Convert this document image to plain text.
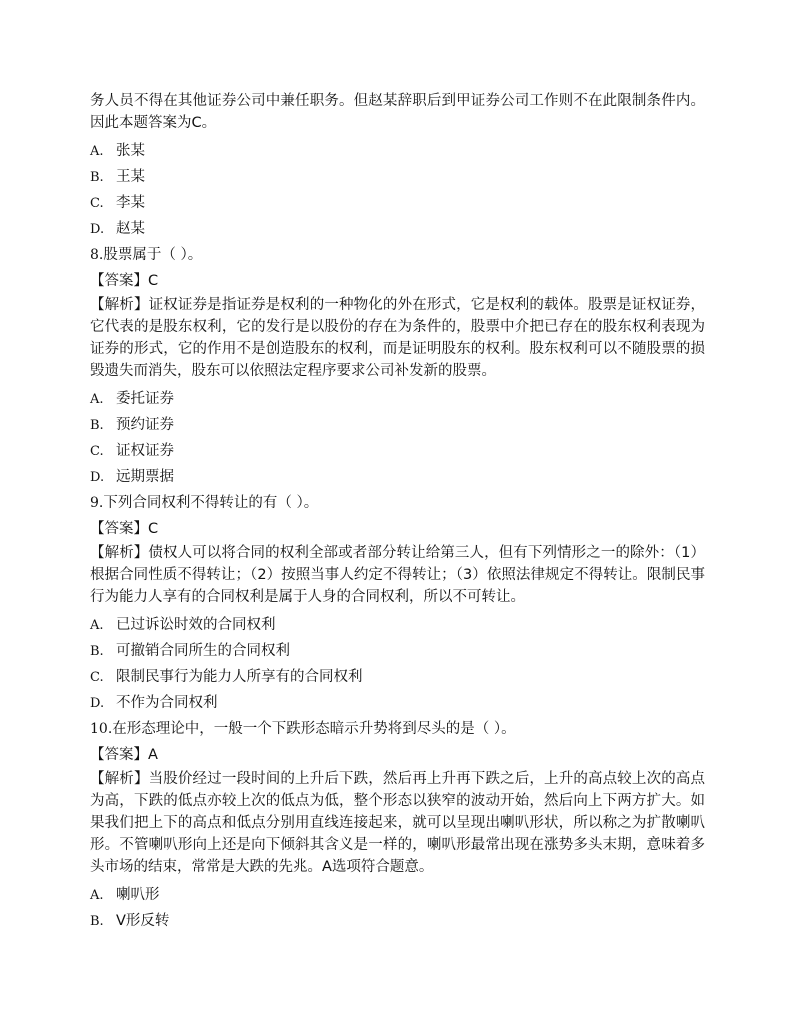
务人员不得在其他证券公司中兼任职务。但赵某辞职后到甲证券公司工作则不在此限制条件内。因此本题答案为C。

A. 张某
B. 王某
C. 李某
D. 赵某
8.股票属于（ ）。
【答案】C

【解析】证权证券是指证券是权利的一种物化的外在形式，它是权利的载体。股票是证权证券，它代表的是股东权利，它的发行是以股份的存在为条件的，股票中介把已存在的股东权利表现为证券的形式，它的作用不是创造股东的权利，而是证明股东的权利。股东权利可以不随股票的损毁遗失而消失，股东可以依照法定程序要求公司补发新的股票。

A. 委托证券
B. 预约证券
C. 证权证券
D. 远期票据
9.下列合同权利不得转让的有（ ）。
【答案】C

【解析】债权人可以将合同的权利全部或者部分转让给第三人，但有下列情形之一的除外：（1）根据合同性质不得转让；（2）按照当事人约定不得转让；（3）依照法律规定不得转让。限制民事行为能力人享有的合同权利是属于人身的合同权利，所以不可转让。

A. 已过诉讼时效的合同权利
B. 可撤销合同所生的合同权利
C. 限制民事行为能力人所享有的合同权利
D. 不作为合同权利
10.在形态理论中，一般一个下跌形态暗示升势将到尽头的是（ ）。
【答案】A

【解析】当股价经过一段时间的上升后下跌，然后再上升再下跌之后，上升的高点较上次的高点为高，下跌的低点亦较上次的低点为低，整个形态以狭窄的波动开始，然后向上下两方扩大。如果我们把上下的高点和低点分别用直线连接起来，就可以呈现出喇叭形状，所以称之为扩散喇叭形。不管喇叭形向上还是向下倾斜其含义是一样的，喇叭形最常出现在涨势多头末期，意味着多头市场的结束，常常是大跌的先兆。A选项符合题意。

A. 喇叭形
B. V形反转
